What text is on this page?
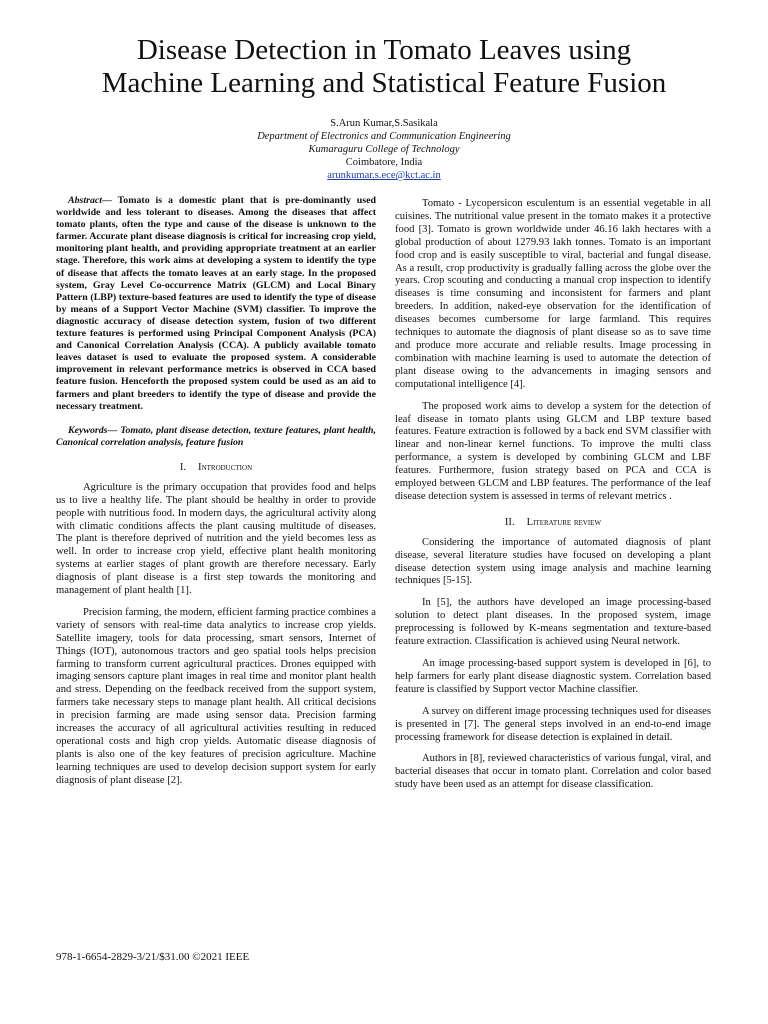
Disease Detection in Tomato Leaves using
Machine Learning and Statistical Feature Fusion
S.Arun Kumar,S.Sasikala
Department of Electronics and Communication Engineering
Kumaraguru College of Technology
Coimbatore, India
arunkumar.s.ece@kct.ac.in

Abstract— Tomato is a domestic plant that is pre-dominantly used worldwide and less tolerant to diseases. Among the diseases that affect tomato plants, often the type and cause of the disease is unknown to the farmer. Accurate plant disease diagnosis is critical for increasing crop yield, monitoring plant health, and providing appropriate treatment at an earlier stage. Therefore, this work aims at developing a system to identify the type of disease that affects the tomato leaves at an early stage. In the proposed system, Gray Level Co-occurrence Matrix (GLCM) and Local Binary Pattern (LBP) texture-based features are used to identify the type of disease by means of a Support Vector Machine (SVM) classifier. To improve the diagnostic accuracy of disease detection system, fusion of two different texture features is performed using Principal Component Analysis (PCA) and Canonical Correlation Analysis (CCA). A publicly available tomato leaves dataset is used to evaluate the proposed system. A considerable improvement in relevant performance metrics is observed in CCA based feature fusion. Henceforth the proposed system could be used as an aid to farmers and plant breeders to identify the type of disease and provide the necessary treatment.

Keywords— Tomato, plant disease detection, texture features, plant health, Canonical correlation analysis, feature fusion

I. Introduction

Agriculture is the primary occupation that provides food and helps us to live a healthy life. The plant should be healthy in order to provide people with nutritious food. In modern days, the agricultural activity along with climatic conditions affects the plant causing multitude of diseases. The plant is therefore deprived of nutrition and the yield becomes less as well. In order to increase crop yield, effective plant health monitoring systems at earlier stages of plant growth are therefore necessary. Early diagnosis of plant disease is a first step towards the monitoring and management of plant health [1].

Precision farming, the modern, efficient farming practice combines a variety of sensors with real-time data analytics to increase crop yields. Satellite imagery, tools for data processing, smart sensors, Internet of Things (IOT), autonomous tractors and geo spatial tools helps precision farming to transform current agricultural practices. Drones equipped with imaging sensors capture plant images in real time and monitor plant health and stress. Depending on the feedback received from the support system, farmers take necessary steps to manage plant health. All critical decisions in precision farming are made using sensor data. Precision farming increases the accuracy of all agricultural activities resulting in reduced operational costs and high crop yields. Automatic disease diagnosis of plants is also one of the key features of precision agriculture. Machine learning techniques are used to develop decision support system for early diagnosis of plant disease [2].

Tomato - Lycopersicon esculentum is an essential vegetable in all cuisines. The nutritional value present in the tomato makes it a protective food [3]. Tomato is grown worldwide under 46.16 lakh hectares with a global production of about 1279.93 lakh tonnes. Tomato is an important food crop and is easily susceptible to viral, bacterial and fungal disease. As a result, crop productivity is gradually falling across the globe over the years. Crop scouting and conducting a manual crop inspection to identify diseases is time consuming and inconsistent for farmers and plant breeders. In addition, naked-eye observation for the identification of diseases becomes cumbersome for large farmland. This requires techniques to automate the diagnosis of plant disease so as to save time and produce more accurate and reliable results. Image processing in combination with machine learning is used to automate the detection of plant disease owing to the advancements in imaging sensors and computational intelligence [4].

The proposed work aims to develop a system for the detection of leaf disease in tomato plants using GLCM and LBP texture based features. Feature extraction is followed by a back end SVM classifier with linear and non-linear kernel functions. To improve the multi class performance, a system is developed by combining GLCM and LBF features. Furthermore, fusion strategy based on PCA and CCA is employed between GLCM and LBP features. The performance of the leaf disease detection system is assessed in terms of relevant metrics .

II. Literature review

Considering the importance of automated diagnosis of plant disease, several literature studies have focused on developing a plant disease detection system using image analysis and machine learning techniques [5-15].

In [5], the authors have developed an image processing-based solution to detect plant diseases. In the proposed system, image preprocessing is followed by K-means segmentation and texture-based feature extraction. Classification is achieved using Neural network.

An image processing-based support system is developed in [6], to help farmers for early plant disease diagnostic system. Correlation based feature is classified by Support vector Machine classifier.

A survey on different image processing techniques used for diseases is presented in [7]. The general steps involved in an end-to-end image processing framework for disease detection is explained in detail.

Authors in [8], reviewed characteristics of various fungal, viral, and bacterial diseases that occur in tomato plant. Correlation and color based study have been used as an attempt for disease classification.

978-1-6654-2829-3/21/$31.00 ©2021 IEEE
